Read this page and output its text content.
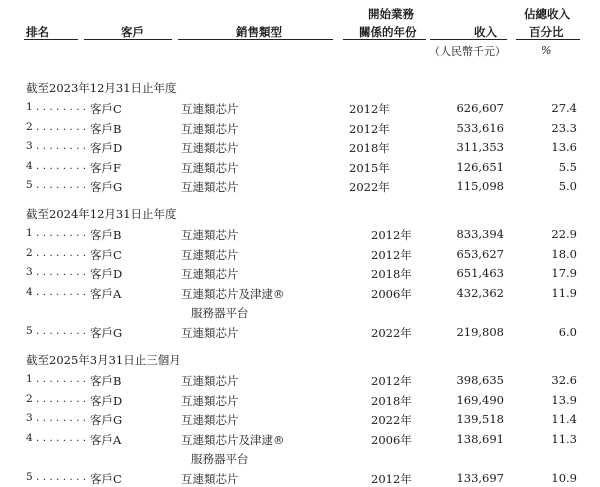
排名	客戶	銷售類型
開始業務
關係的年份	收入
佔總收入
百分比
（人民幣千元）	%
截至2023年12月31日止年度
1 . . . . . . . . 客戶C	互連類芯片	2012年	626,607	27.4
2 . . . . . . . . 客戶B	互連類芯片	2012年	533,616	23.3
3 . . . . . . . . 客戶D	互連類芯片	2018年	311,353	13.6
4 . . . . . . . . 客戶F	互連類芯片	2015年	126,651	5.5
5 . . . . . . . . 客戶G	互連類芯片	2022年	115,098	5.0
截至2024年12月31日止年度
1 . . . . . . . . 客戶B	互連類芯片	2012年	833,394	22.9
2 . . . . . . . . 客戶C	互連類芯片	2012年	653,627	18.0
3 . . . . . . . . 客戶D	互連類芯片	2018年	651,463	17.9
4 . . . . . . . . 客戶A	互連類芯片及津逮®
服務器平台
2006年	432,362	11.9
5 . . . . . . . . 客戶G	互連類芯片	2022年	219,808	6.0
截至2025年3月31日止三個月
1 . . . . . . . . 客戶B	互連類芯片	2012年	398,635	32.6
2 . . . . . . . . 客戶D	互連類芯片	2018年	169,490	13.9
3 . . . . . . . . 客戶G	互連類芯片	2022年	139,518	11.4
4 . . . . . . . . 客戶A	互連類芯片及津逮®
服務器平台
2006年	138,691	11.3
5 . . . . . . . . 客戶C	互連類芯片	2012年	133,697	10.9
